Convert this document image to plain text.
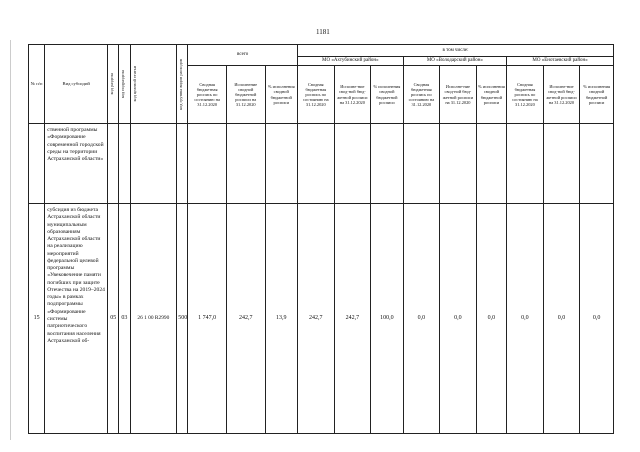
1181
№ п/п	Вид субсидий	код раздела	код подраздела	код целевой статьи	код группы видов расходов	всего			в том числе:								
									МО «Ахтубинский район»			МО «Володарский район»			МО «Енотаевский район»		
						Сводная бюджетная роспись по состоянию на 31.12.2020	Исполнение сводной бюджетной росписи на 31.12.2020	% исполнения сводной бюджетной росписи	Сводная бюджетная роспись по состоянию на 31.12.2020	Исполне-ние свод-ной бюд-жетной росписи на 31.12.2020	% исполнения сводной бюджетной росписи	Сводная бюджетная роспись по состоянию на 31.12.2020	Исполне-ние свод-ной бюд-жетной росписи на 31.12.2020	% исполнения сводной бюджетной росписи	Сводная бюджетная роспись по состоянию на 31.12.2020	Исполне-ние свод-ной бюд-жетной росписи на 31.12.2020	% исполнения сводной бюджетной росписи
	ственной программы «Формирование современной городской среды на территории Астраханской области»																
15	субсидия из бюджета Астраханской области муниципальным образованиям Астраханской области на реализацию мероприятий федеральной целевой программы «Увековечение памяти погибших при защите Отечества на 2019–2024 годы» в рамках подпрограммы «Формирование системы патриотического воспитания населения Астраханской об-	05	03	26 1 00 R2990	500	1 747,0	242,7	13,9	242,7	242,7	100,0	0,0	0,0	0,0	0,0	0,0	0,0
